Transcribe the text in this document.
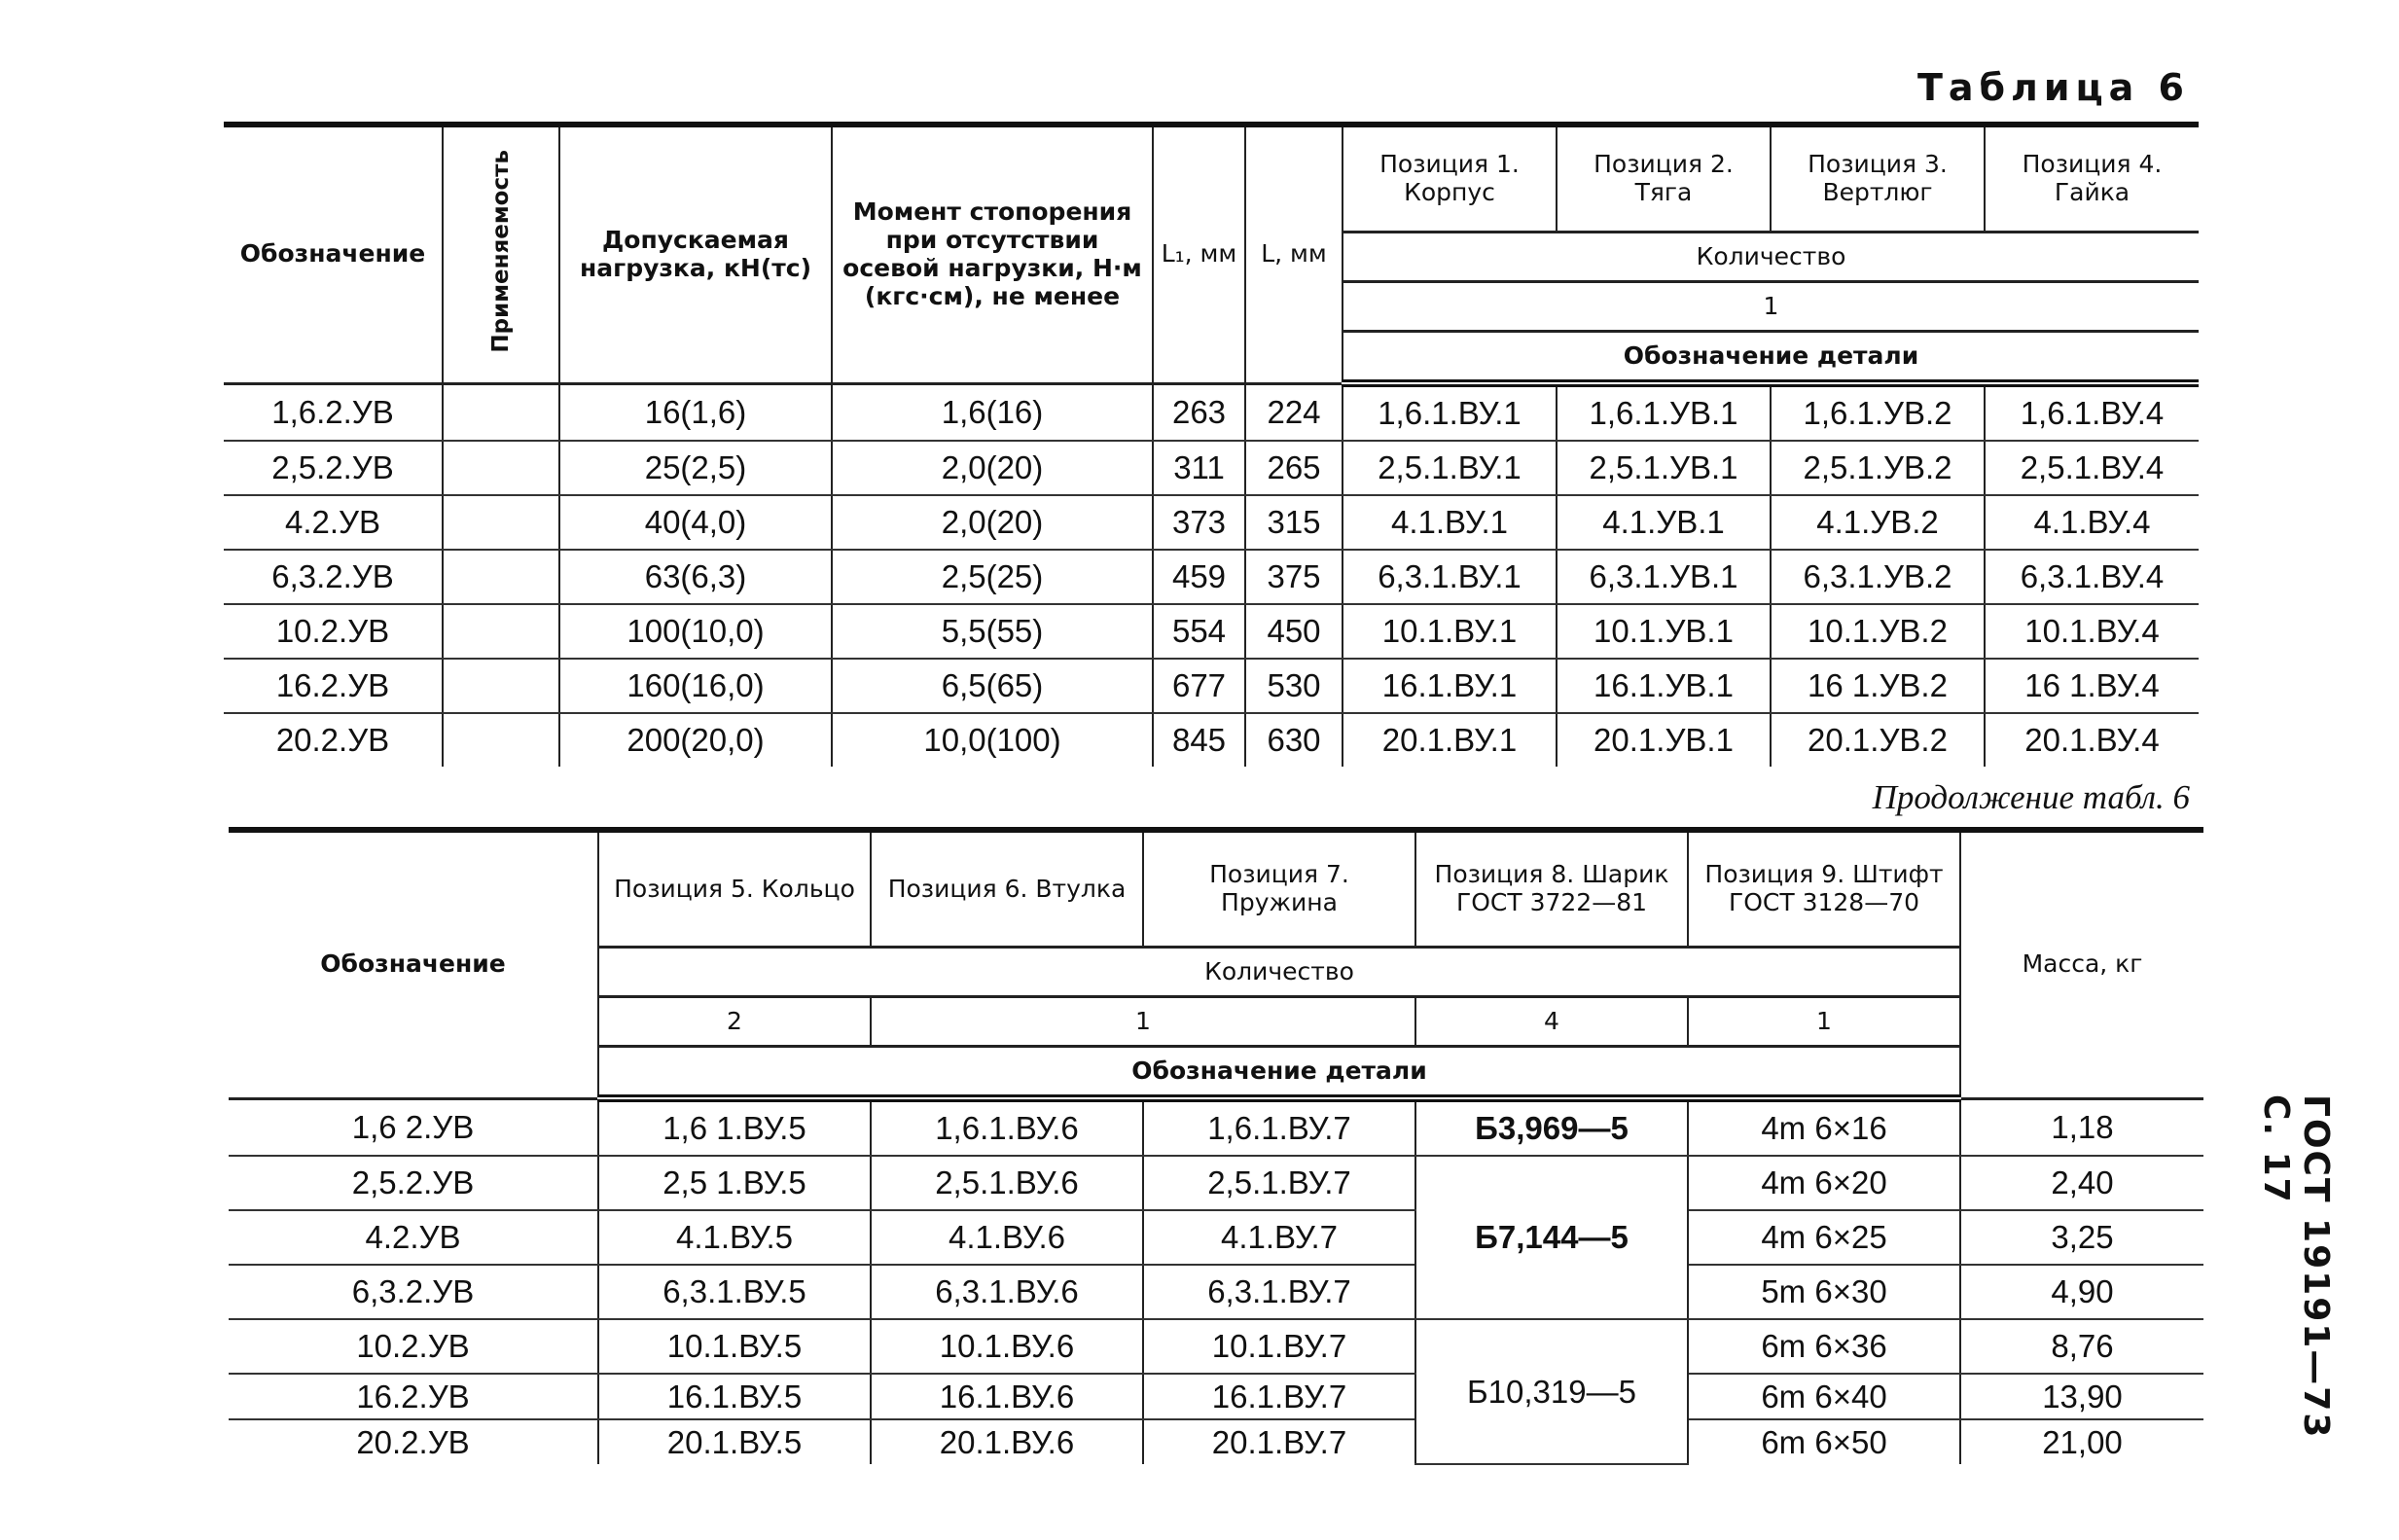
Таблица 6
Обозначение	Применяемость	Допускаемая нагрузка, кН(тс)	Момент стопорения при отсутствии осевой нагрузки, Н·м (кгс·см), не менее	L₁, мм	L, мм	Позиция 1. Корпус	Позиция 2. Тяга	Позиция 3. Вертлюг	Позиция 4. Гайка
						Количество			
						1			
						Обозначение детали			
1,6.2.УВ		16(1,6)	1,6(16)	263	224	1,6.1.ВУ.1	1,6.1.УВ.1	1,6.1.УВ.2	1,6.1.ВУ.4
2,5.2.УВ		25(2,5)	2,0(20)	311	265	2,5.1.ВУ.1	2,5.1.УВ.1	2,5.1.УВ.2	2,5.1.ВУ.4
4.2.УВ		40(4,0)	2,0(20)	373	315	4.1.ВУ.1	4.1.УВ.1	4.1.УВ.2	4.1.ВУ.4
6,3.2.УВ		63(6,3)	2,5(25)	459	375	6,3.1.ВУ.1	6,3.1.УВ.1	6,3.1.УВ.2	6,3.1.ВУ.4
10.2.УВ		100(10,0)	5,5(55)	554	450	10.1.ВУ.1	10.1.УВ.1	10.1.УВ.2	10.1.ВУ.4
16.2.УВ		160(16,0)	6,5(65)	677	530	16.1.ВУ.1	16.1.УВ.1	16 1.УВ.2	16 1.ВУ.4
20.2.УВ		200(20,0)	10,0(100)	845	630	20.1.ВУ.1	20.1.УВ.1	20.1.УВ.2	20.1.ВУ.4
Продолжение табл. 6
Обозначение	Позиция 5. Кольцо	Позиция 6. Втулка	Позиция 7. Пружина	Позиция 8. Шарик ГОСТ 3722—81	Позиция 9. Штифт ГОСТ 3128—70	Масса, кг
	Количество					
	2	1		4	1	
	Обозначение детали					
1,6 2.УВ	1,6 1.ВУ.5	1,6.1.ВУ.6	1,6.1.ВУ.7	Б3,969—5	4m 6×16	1,18
2,5.2.УВ	2,5 1.ВУ.5	2,5.1.ВУ.6	2,5.1.ВУ.7	Б7,144—5	4m 6×20	2,40
4.2.УВ	4.1.ВУ.5	4.1.ВУ.6	4.1.ВУ.7		4m 6×25	3,25
6,3.2.УВ	6,3.1.ВУ.5	6,3.1.ВУ.6	6,3.1.ВУ.7		5m 6×30	4,90
10.2.УВ	10.1.ВУ.5	10.1.ВУ.6	10.1.ВУ.7	Б10,319—5	6m 6×36	8,76
16.2.УВ	16.1.ВУ.5	16.1.ВУ.6	16.1.ВУ.7		6m 6×40	13,90
20.2.УВ	20.1.ВУ.5	20.1.ВУ.6	20.1.ВУ.7		6m 6×50	21,00
ГОСТ 19191—73 С. 17
